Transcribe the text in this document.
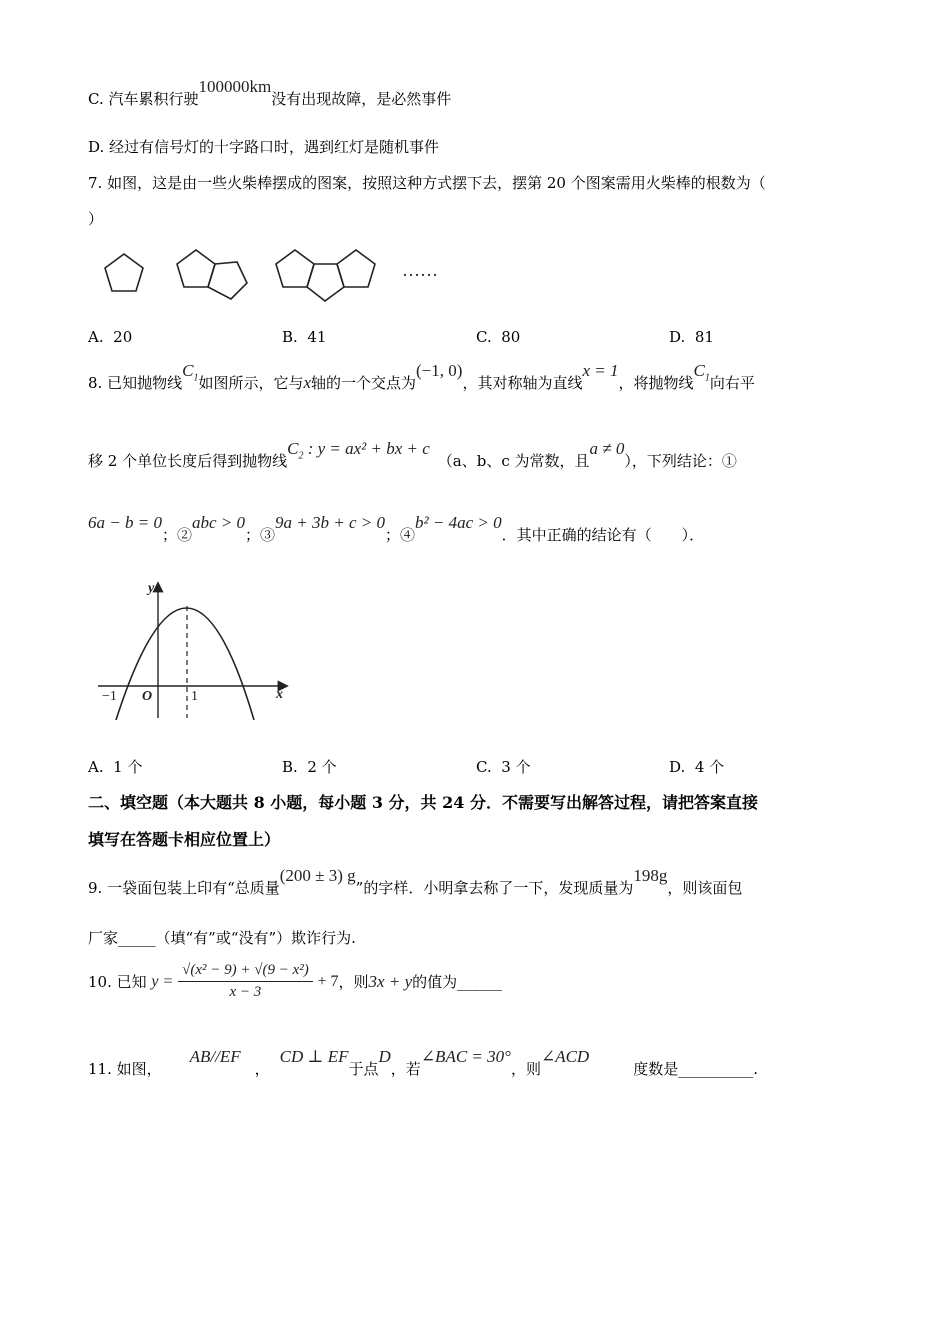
C. 汽车累积行驶100000km没有出现故障，是必然事件
D. 经过有信号灯的十字路口时，遇到红灯是随机事件
7. 如图，这是由一些火柴棒摆成的图案，按照这种方式摆下去，摆第 20 个图案需用火柴棒的根数为（
）
……
A. 20	B. 41	C. 80	D. 81
8. 已知抛物线$C_1$如图所示，它与x轴的一个交点为(−1, 0)，其对称轴为直线x = 1，将抛物线$C_1$向右平
移 2 个单位长度后得到抛物线$C_2$ : y = ax² + bx + c（a、b、c 为常数，且a ≠ 0），下列结论：①
6a − b = 0；②abc > 0；③9a + 3b + c > 0；④b² − 4ac > 0．其中正确的结论有（　　）．
y
x
O
−1	1
A. 1 个	B. 2 个	C. 3 个	D. 4 个
二、填空题（本大题共 8 小题，每小题 3 分，共 24 分．不需要写出解答过程，请把答案直接
填写在答题卡相应位置上）
9. 一袋面包装上印有“总质量(200 ± 3) g”的字样．小明拿去称了一下，发现质量为198g，则该面包
厂家_____（填“有”或“没有”）欺诈行为.
10. 已知 $y = \frac{\text{√(x² − 9) + √(9 − x²)}}{x - 3} + 7$，则3x + y的值为______
11. 如图，AB//EF，CD ⊥ EF于点D，若∠BAC = 30°，则∠ACD度数是__________.
